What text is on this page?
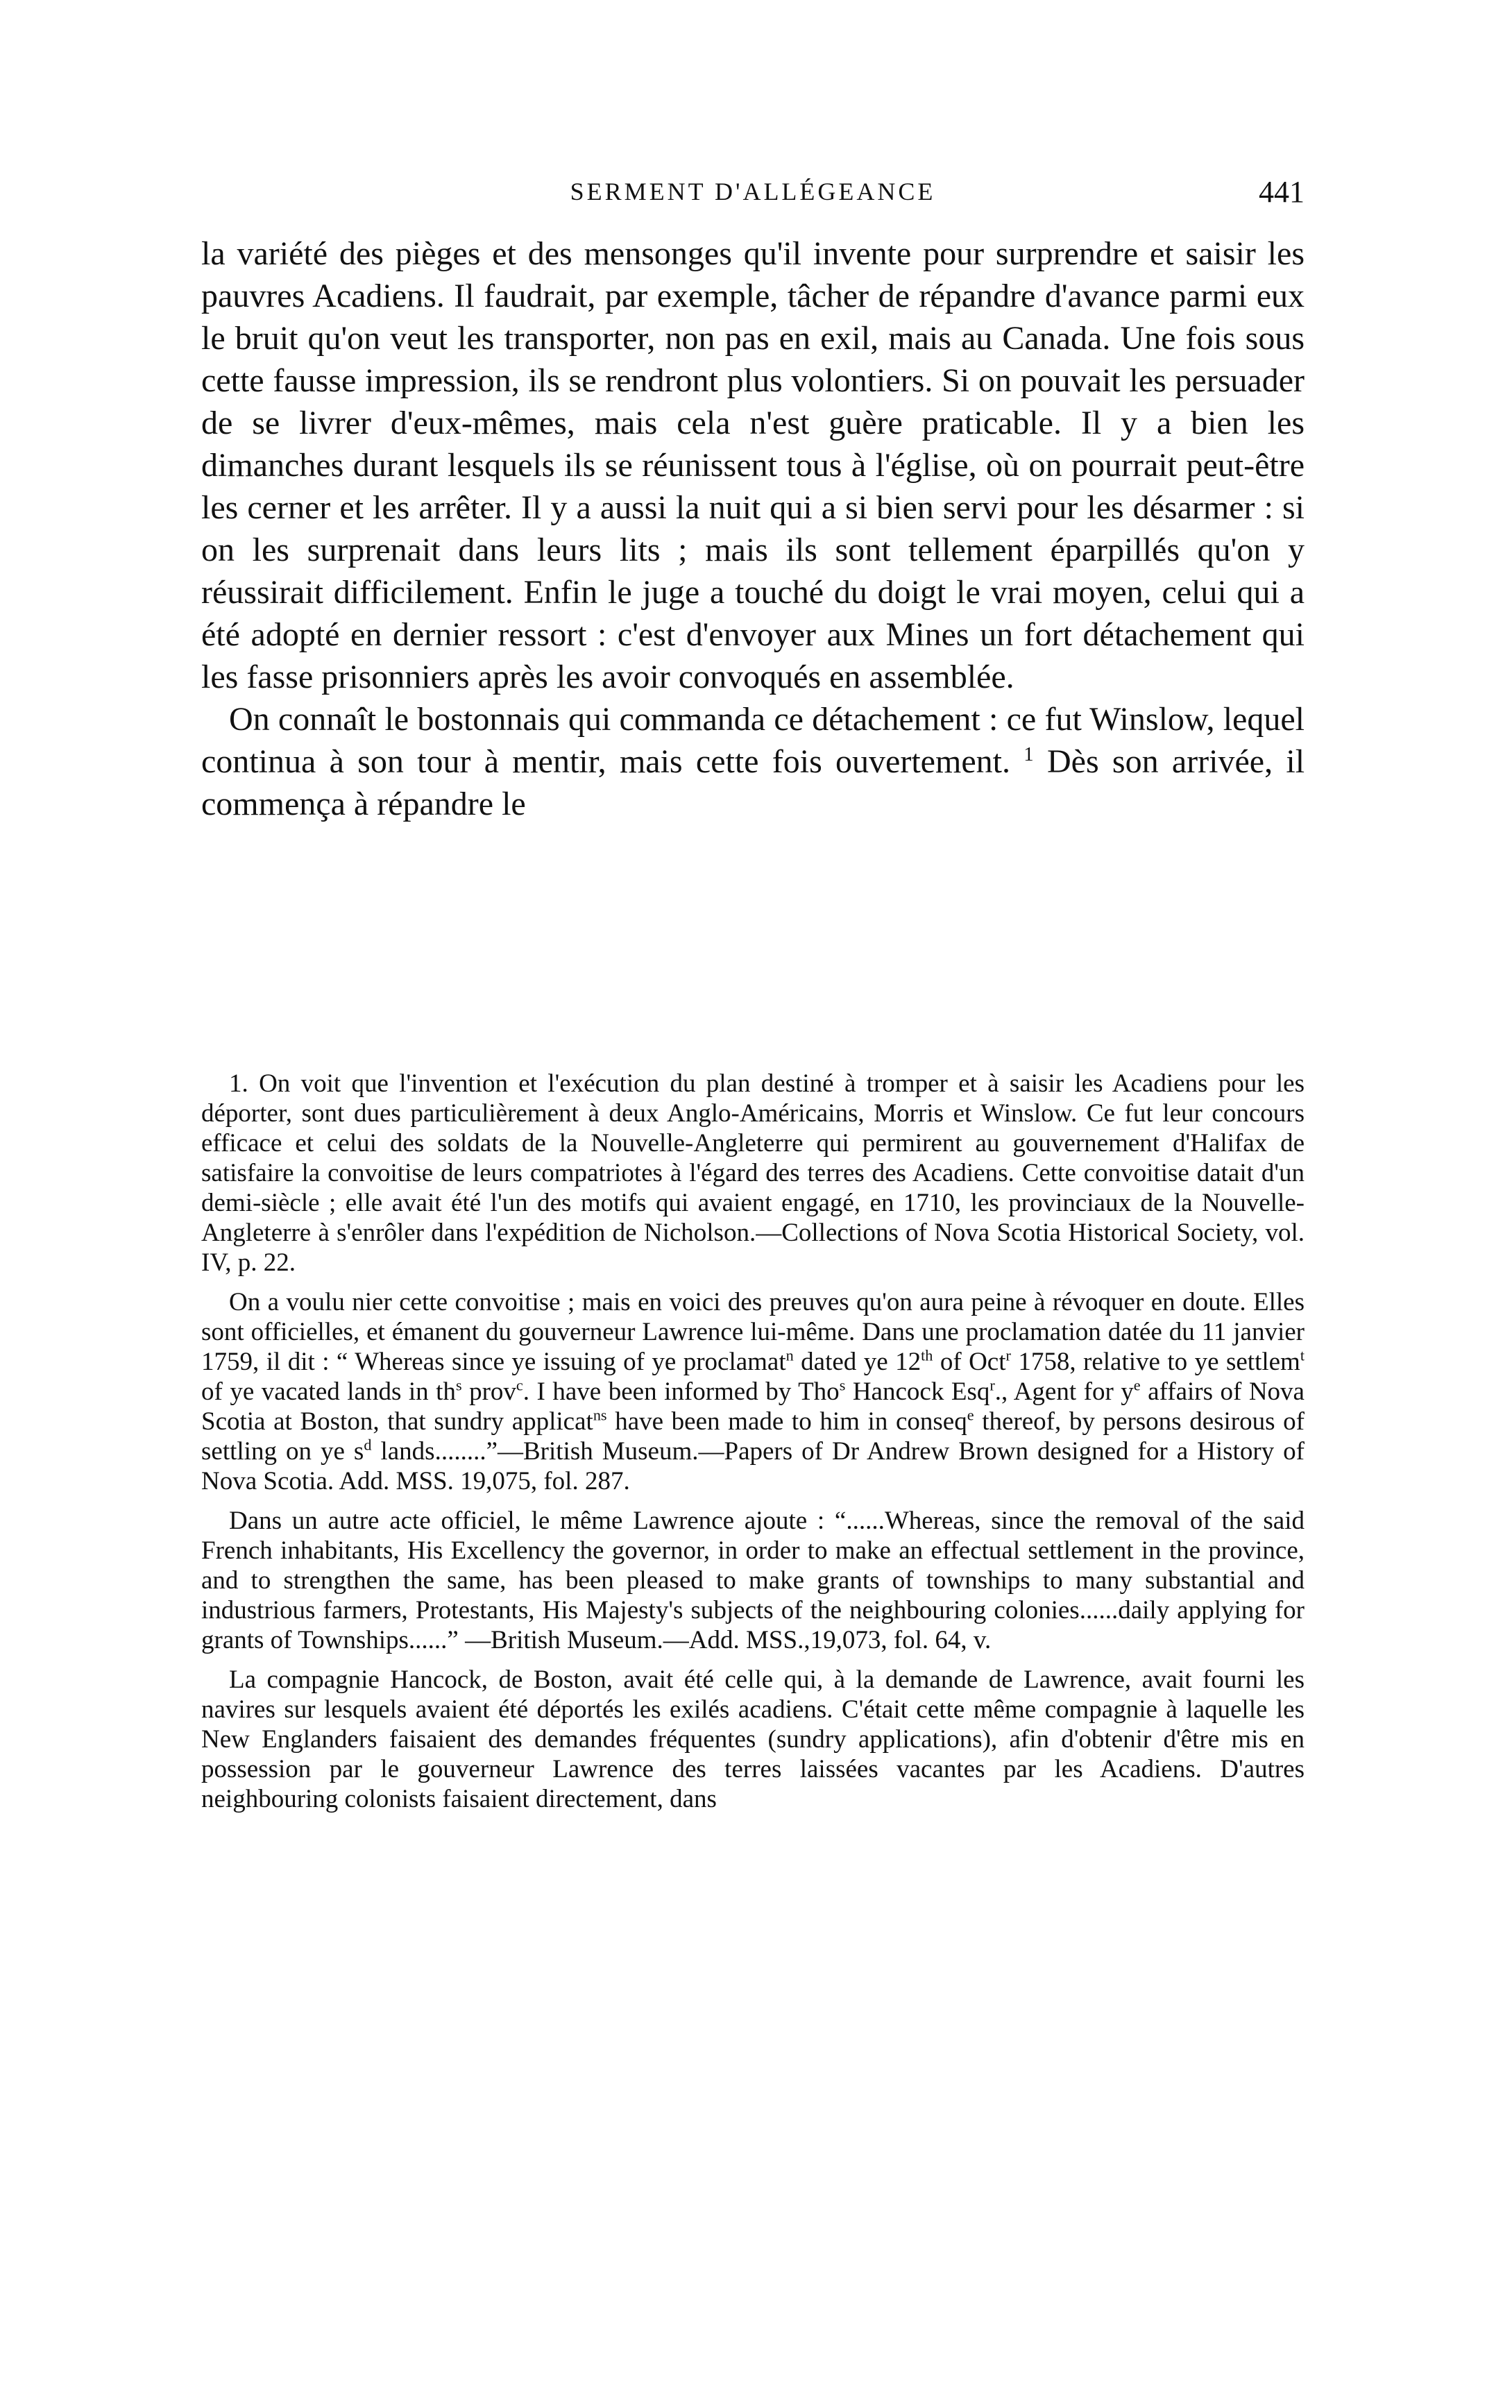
SERMENT D'ALLÉGEANCE	441

la variété des pièges et des mensonges qu'il invente pour surprendre et saisir les pauvres Acadiens. Il faudrait, par exemple, tâcher de répandre d'avance parmi eux le bruit qu'on veut les transporter, non pas en exil, mais au Canada. Une fois sous cette fausse impression, ils se rendront plus volontiers. Si on pouvait les persuader de se livrer d'eux-mêmes, mais cela n'est guère praticable. Il y a bien les dimanches durant lesquels ils se réunissent tous à l'église, où on pourrait peut-être les cerner et les arrêter. Il y a aussi la nuit qui a si bien servi pour les désarmer : si on les surprenait dans leurs lits ; mais ils sont tellement éparpillés qu'on y réussirait difficilement. Enfin le juge a touché du doigt le vrai moyen, celui qui a été adopté en dernier ressort : c'est d'envoyer aux Mines un fort détachement qui les fasse prisonniers après les avoir convoqués en assemblée.

On connaît le bostonnais qui commanda ce détachement : ce fut Winslow, lequel continua à son tour à mentir, mais cette fois ouvertement. $^1$ Dès son arrivée, il commença à répandre le

1. On voit que l'invention et l'exécution du plan destiné à tromper et à saisir les Acadiens pour les déporter, sont dues particulièrement à deux Anglo-Américains, Morris et Winslow. Ce fut leur concours efficace et celui des soldats de la Nouvelle-Angleterre qui permirent au gouvernement d'Halifax de satisfaire la convoitise de leurs compatriotes à l'égard des terres des Acadiens. Cette convoitise datait d'un demi-siècle ; elle avait été l'un des motifs qui avaient engagé, en 1710, les provinciaux de la Nouvelle-Angleterre à s'enrôler dans l'expédition de Nicholson.—Collections of Nova Scotia Historical Society, vol. IV, p. 22.

On a voulu nier cette convoitise ; mais en voici des preuves qu'on aura peine à révoquer en doute. Elles sont officielles, et émanent du gouverneur Lawrence lui-même. Dans une proclamation datée du 11 janvier 1759, il dit : “ Whereas since ye issuing of ye proclamat$^n$ dated ye 12th of Oct$^r$ 1758, relative to ye settlem$^t$ of ye vacated lands in $th^s$ prov$^c$. I have been informed by Tho$^s$ Hancock Esq$^r$., Agent for $y^e$ affairs of Nova Scotia at Boston, that sundry applicat$^{ns}$ have been made to him in conseq$^e$ thereof, by persons desirous of settling on ye $s^d$ lands........”—British Museum.—Papers of Dr Andrew Brown designed for a History of Nova Scotia. Add. MSS. 19,075, fol. 287.

Dans un autre acte officiel, le même Lawrence ajoute : “......Whereas, since the removal of the said French inhabitants, His Excellency the governor, in order to make an effectual settlement in the province, and to strengthen the same, has been pleased to make grants of townships to many substantial and industrious farmers, Protestants, His Majesty's subjects of the neighbouring colonies......daily applying for grants of Townships......” —British Museum.—Add. MSS.,19,073, fol. 64, v.

La compagnie Hancock, de Boston, avait été celle qui, à la demande de Lawrence, avait fourni les navires sur lesquels avaient été déportés les exilés acadiens. C'était cette même compagnie à laquelle les New Englanders faisaient des demandes fréquentes (sundry applications), afin d'obtenir d'être mis en possession par le gouverneur Lawrence des terres laissées vacantes par les Acadiens. D'autres neighbouring colonists faisaient directement, dans
